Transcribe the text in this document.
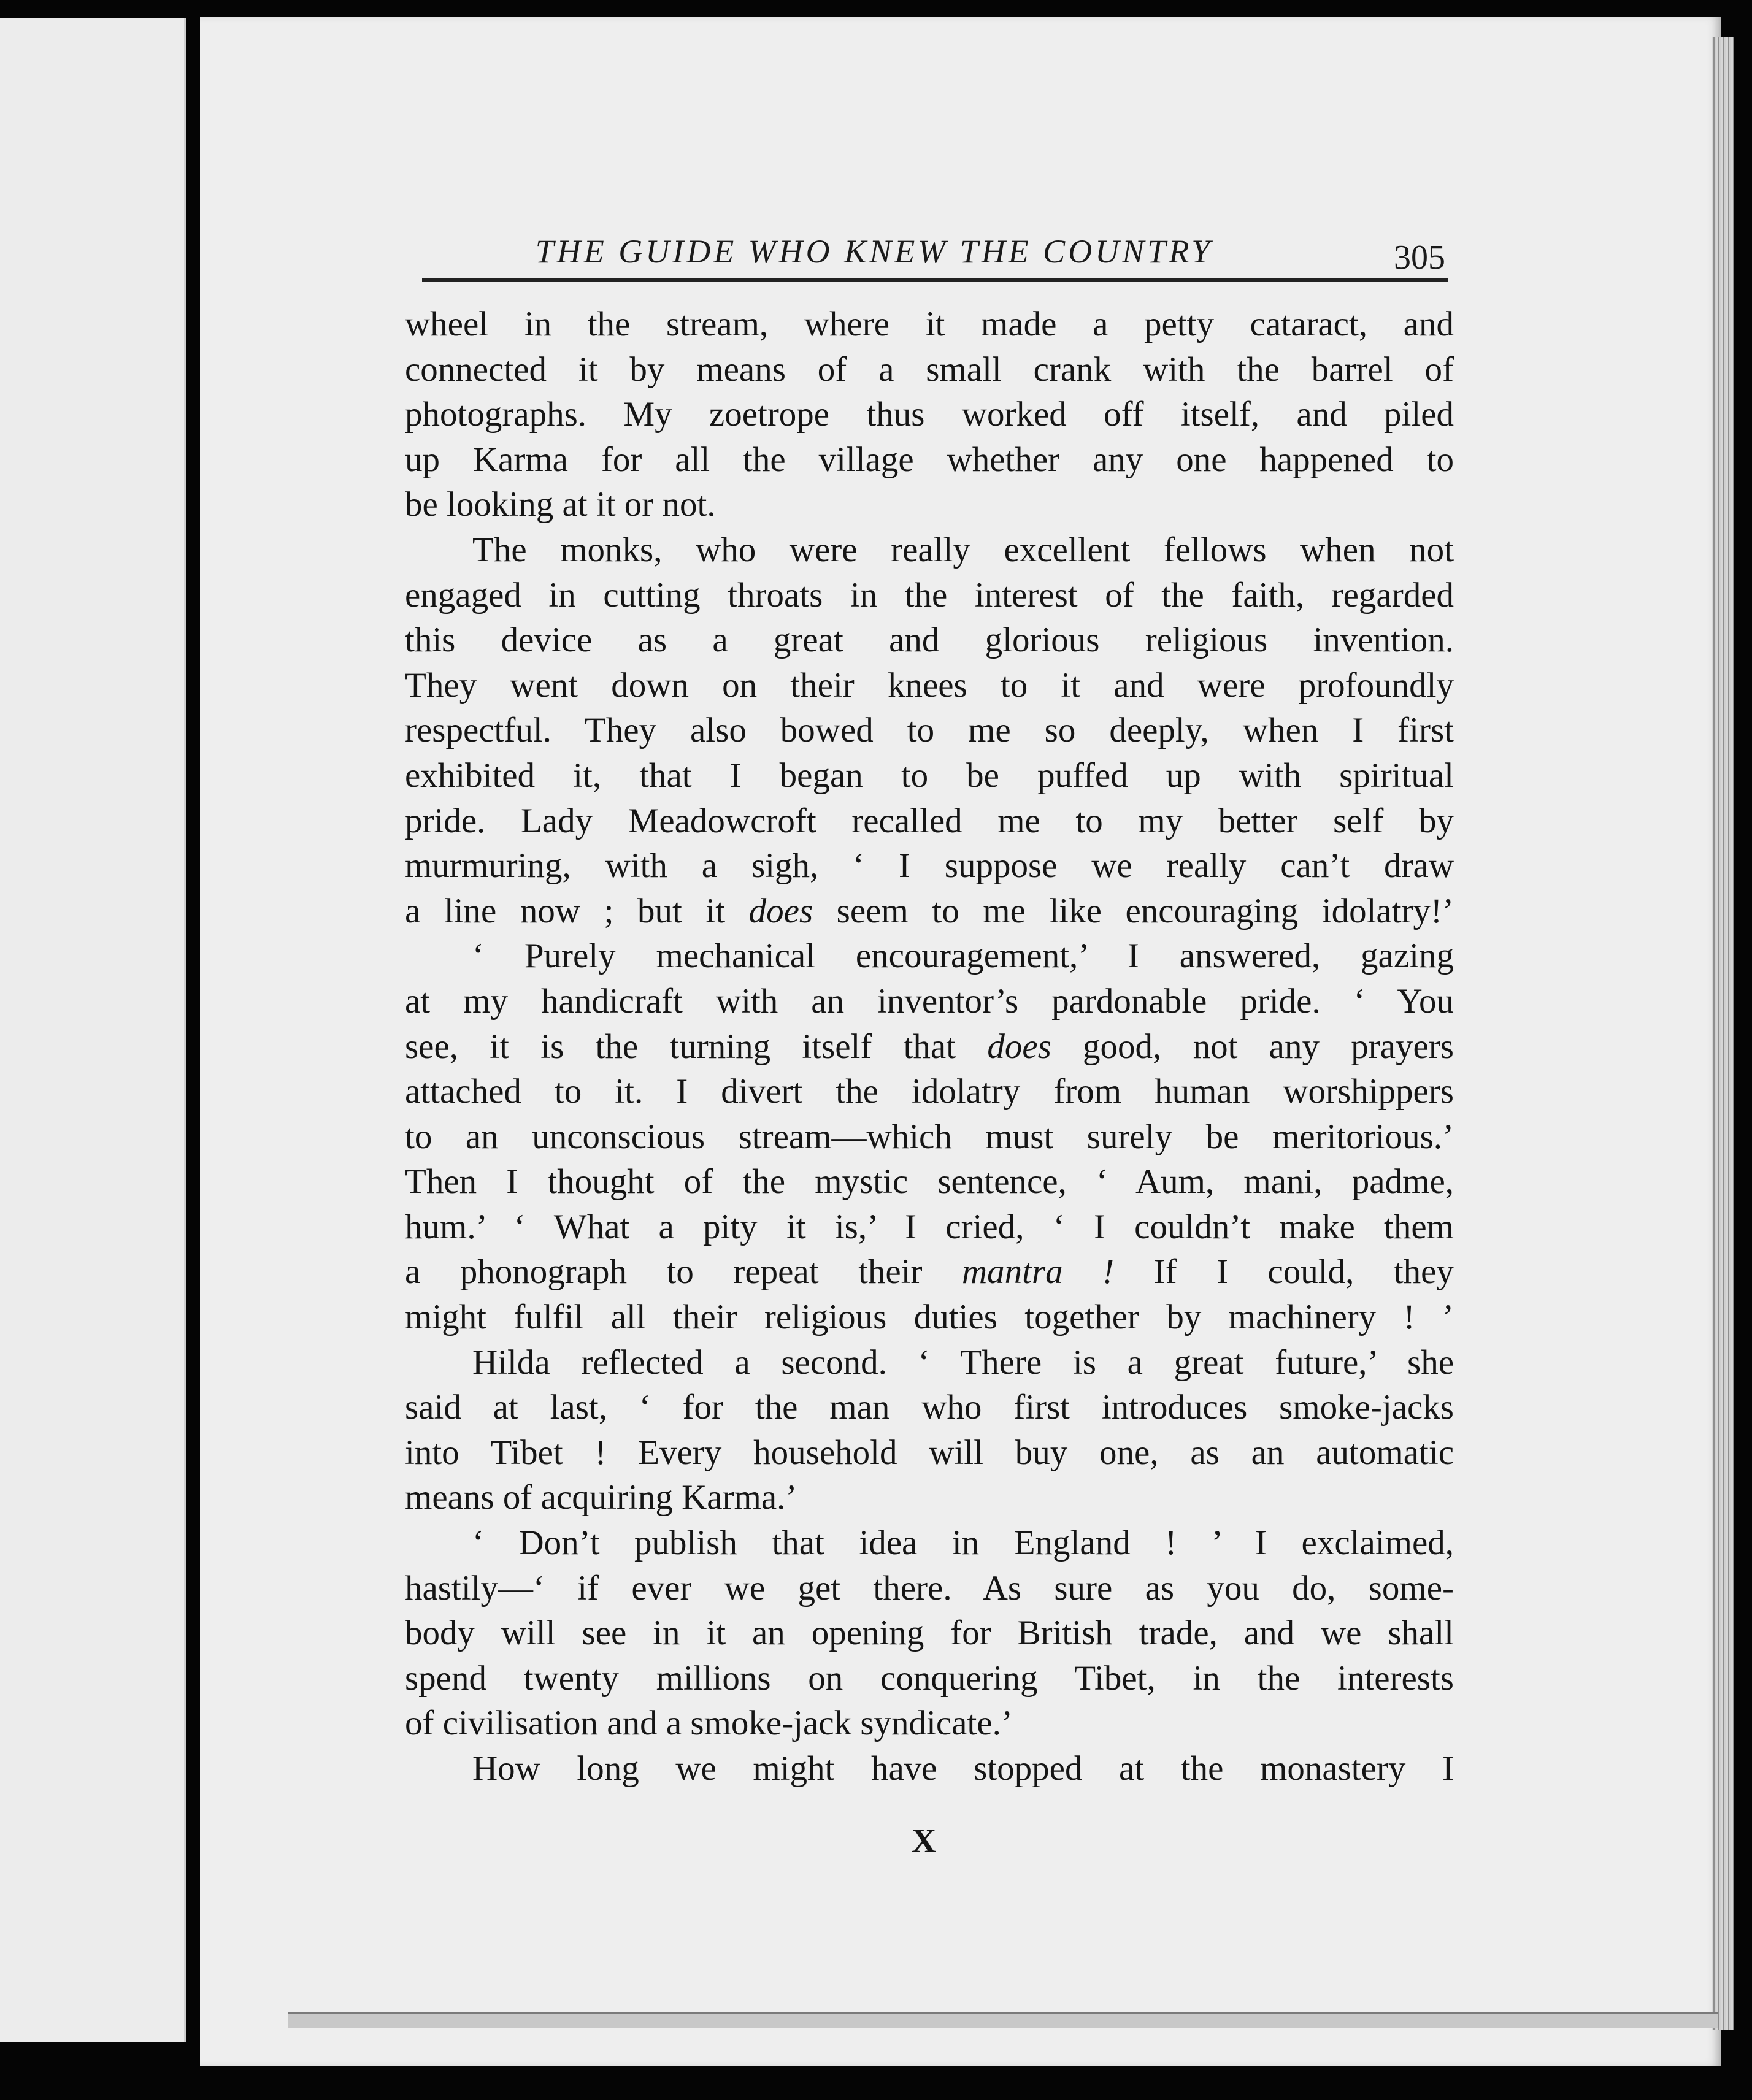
THE GUIDE WHO KNEW THE COUNTRY	305
wheel in the stream, where it made a petty cataract, and
connected it by means of a small crank with the barrel of
photographs. My zoetrope thus worked off itself, and piled
up Karma for all the village whether any one happened to
be looking at it or not.
The monks, who were really excellent fellows when not
engaged in cutting throats in the interest of the faith, regarded
this device as a great and glorious religious invention.
They went down on their knees to it and were profoundly
respectful. They also bowed to me so deeply, when I first
exhibited it, that I began to be puffed up with spiritual
pride. Lady Meadowcroft recalled me to my better self by
murmuring, with a sigh, ‘ I suppose we really can’t draw
a line now ; but it does seem to me like encouraging idolatry!’
‘ Purely mechanical encouragement,’ I answered, gazing
at my handicraft with an inventor’s pardonable pride. ‘ You
see, it is the turning itself that does good, not any prayers
attached to it. I divert the idolatry from human worshippers
to an unconscious stream—which must surely be meritorious.’
Then I thought of the mystic sentence, ‘ Aum, mani, padme,
hum.’ ‘ What a pity it is,’ I cried, ‘ I couldn’t make them
a phonograph to repeat their mantra ! If I could, they
might fulfil all their religious duties together by machinery ! ’
Hilda reflected a second. ‘ There is a great future,’ she
said at last, ‘ for the man who first introduces smoke-jacks
into Tibet ! Every household will buy one, as an automatic
means of acquiring Karma.’
‘ Don’t publish that idea in England ! ’ I exclaimed,
hastily—‘ if ever we get there. As sure as you do, some-
body will see in it an opening for British trade, and we shall
spend twenty millions on conquering Tibet, in the interests
of civilisation and a smoke-jack syndicate.’
How long we might have stopped at the monastery I
X
